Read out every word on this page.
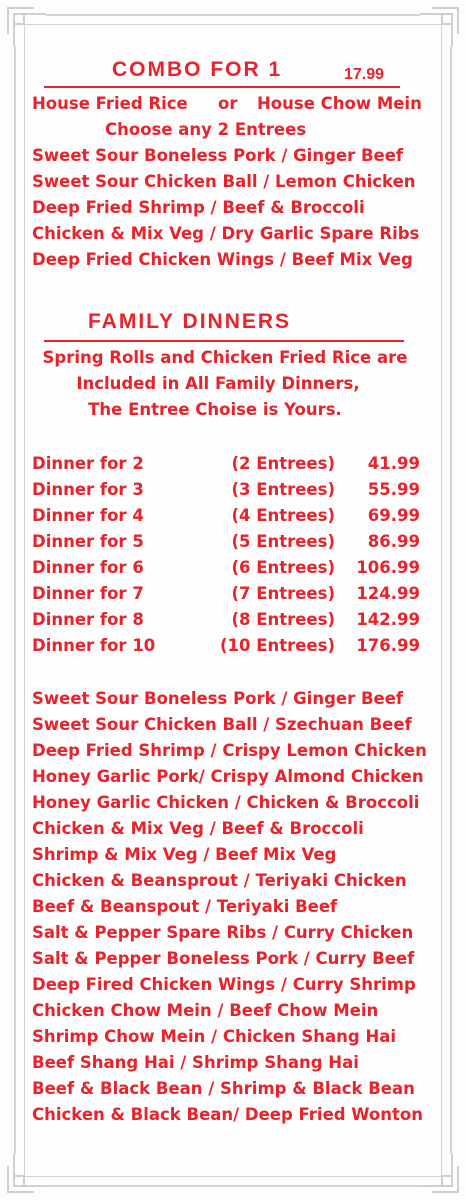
COMBO FOR 1	17.99
House Fried Rice or House Chow Mein
Choose any 2 Entrees
Sweet Sour Boneless Pork / Ginger Beef
Sweet Sour Chicken Ball / Lemon Chicken
Deep Fried Shrimp / Beef & Broccoli
Chicken & Mix Veg / Dry Garlic Spare Ribs
Deep Fried Chicken Wings / Beef Mix Veg
FAMILY DINNERS
Spring Rolls and Chicken Fried Rice are
Included in All Family Dinners,
The Entree Choise is Yours.
Dinner for 2	(2 Entrees) 41.99
Dinner for 3	(3 Entrees) 55.99
Dinner for 4	(4 Entrees) 69.99
Dinner for 5	(5 Entrees) 86.99
Dinner for 6	(6 Entrees) 106.99
Dinner for 7	(7 Entrees) 124.99
Dinner for 8	(8 Entrees) 142.99
Dinner for 10	(10 Entrees) 176.99
Sweet Sour Boneless Pork / Ginger Beef
Sweet Sour Chicken Ball / Szechuan Beef
Deep Fried Shrimp / Crispy Lemon Chicken
Honey Garlic Pork/ Crispy Almond Chicken
Honey Garlic Chicken / Chicken & Broccoli
Chicken & Mix Veg / Beef & Broccoli
Shrimp & Mix Veg / Beef Mix Veg
Chicken & Beansprout / Teriyaki Chicken
Beef & Beanspout / Teriyaki Beef
Salt & Pepper Spare Ribs / Curry Chicken
Salt & Pepper Boneless Pork / Curry Beef
Deep Fired Chicken Wings / Curry Shrimp
Chicken Chow Mein / Beef Chow Mein
Shrimp Chow Mein / Chicken Shang Hai
Beef Shang Hai / Shrimp Shang Hai
Beef & Black Bean / Shrimp & Black Bean
Chicken & Black Bean/ Deep Fried Wonton
